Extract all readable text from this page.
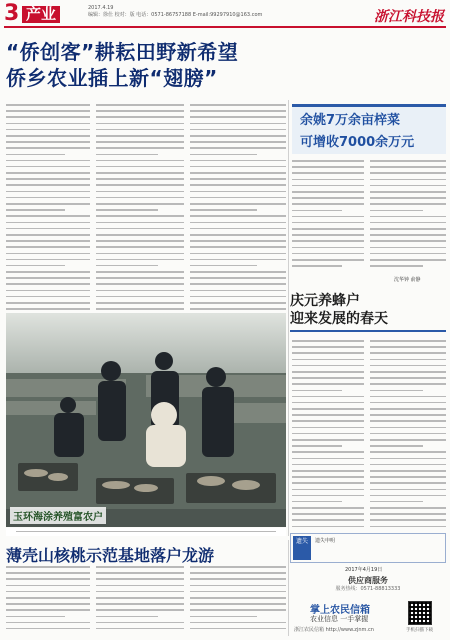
3 产业	2017.4.19
编辑：徐仕 校对：版 电话：0571-86757188 E-mail:99297910@163.com	浙江科技报
“侨创客”耕耘田野新希望
侨乡农业插上新“翅膀”
余姚7万余亩梓菜
可增收7000余万元
沈华钟 俞静
庆元养蜂户
迎来发展的春天
玉环海涂养殖富农户
薄壳山核桃示范基地落户龙游
遗失	遗失申明
2017年4月19日
供应商服务
服务热线：0571-88813333
掌上农民信箱
农业信息 一手掌握
浙江农民信箱 http://www.zjnm.cn	手机扫描下载
